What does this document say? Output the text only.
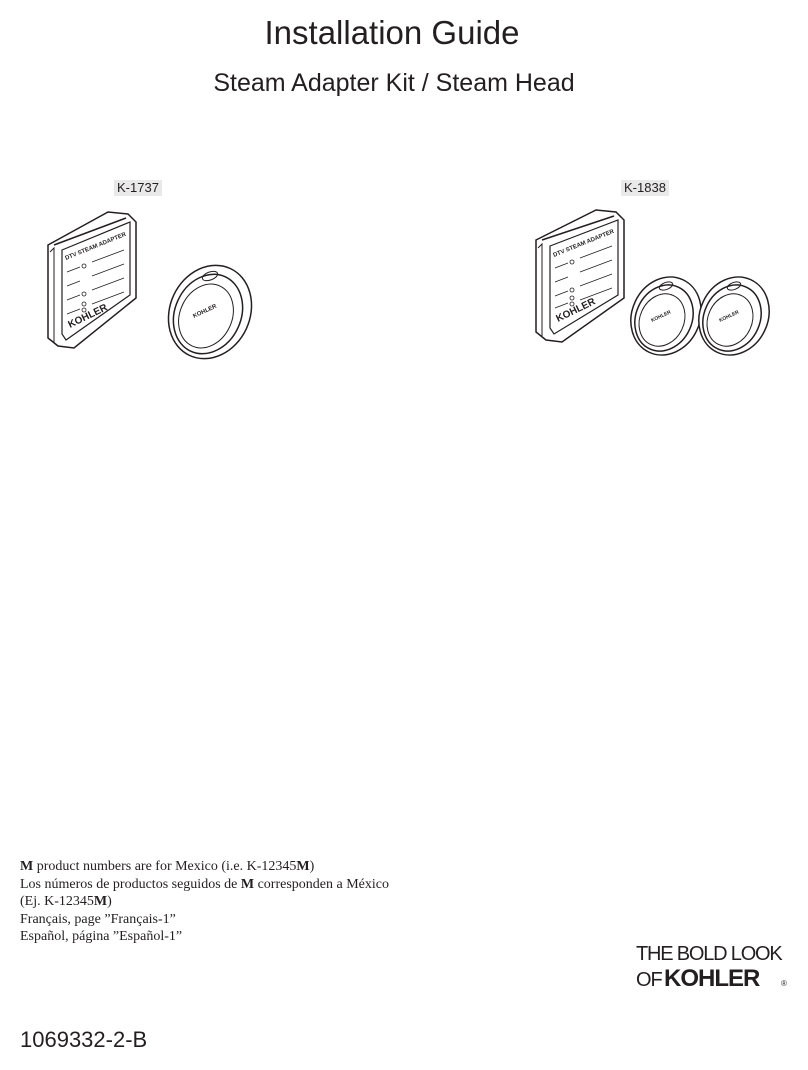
Installation Guide
Steam Adapter Kit / Steam Head
K-1737	K-1838
DTV STEAM ADAPTER
KOHLER	KOHLER
DTV STEAM ADAPTER
KOHLER	KOHLER	KOHLER
M product numbers are for Mexico (i.e. K-12345M)
Los números de productos seguidos de M corresponden a México
(Ej. K-12345M)
Français, page ”Français-1”
Español, página ”Español-1”
THE BOLD LOOK
OF KOHLER	®
1069332-2-B
